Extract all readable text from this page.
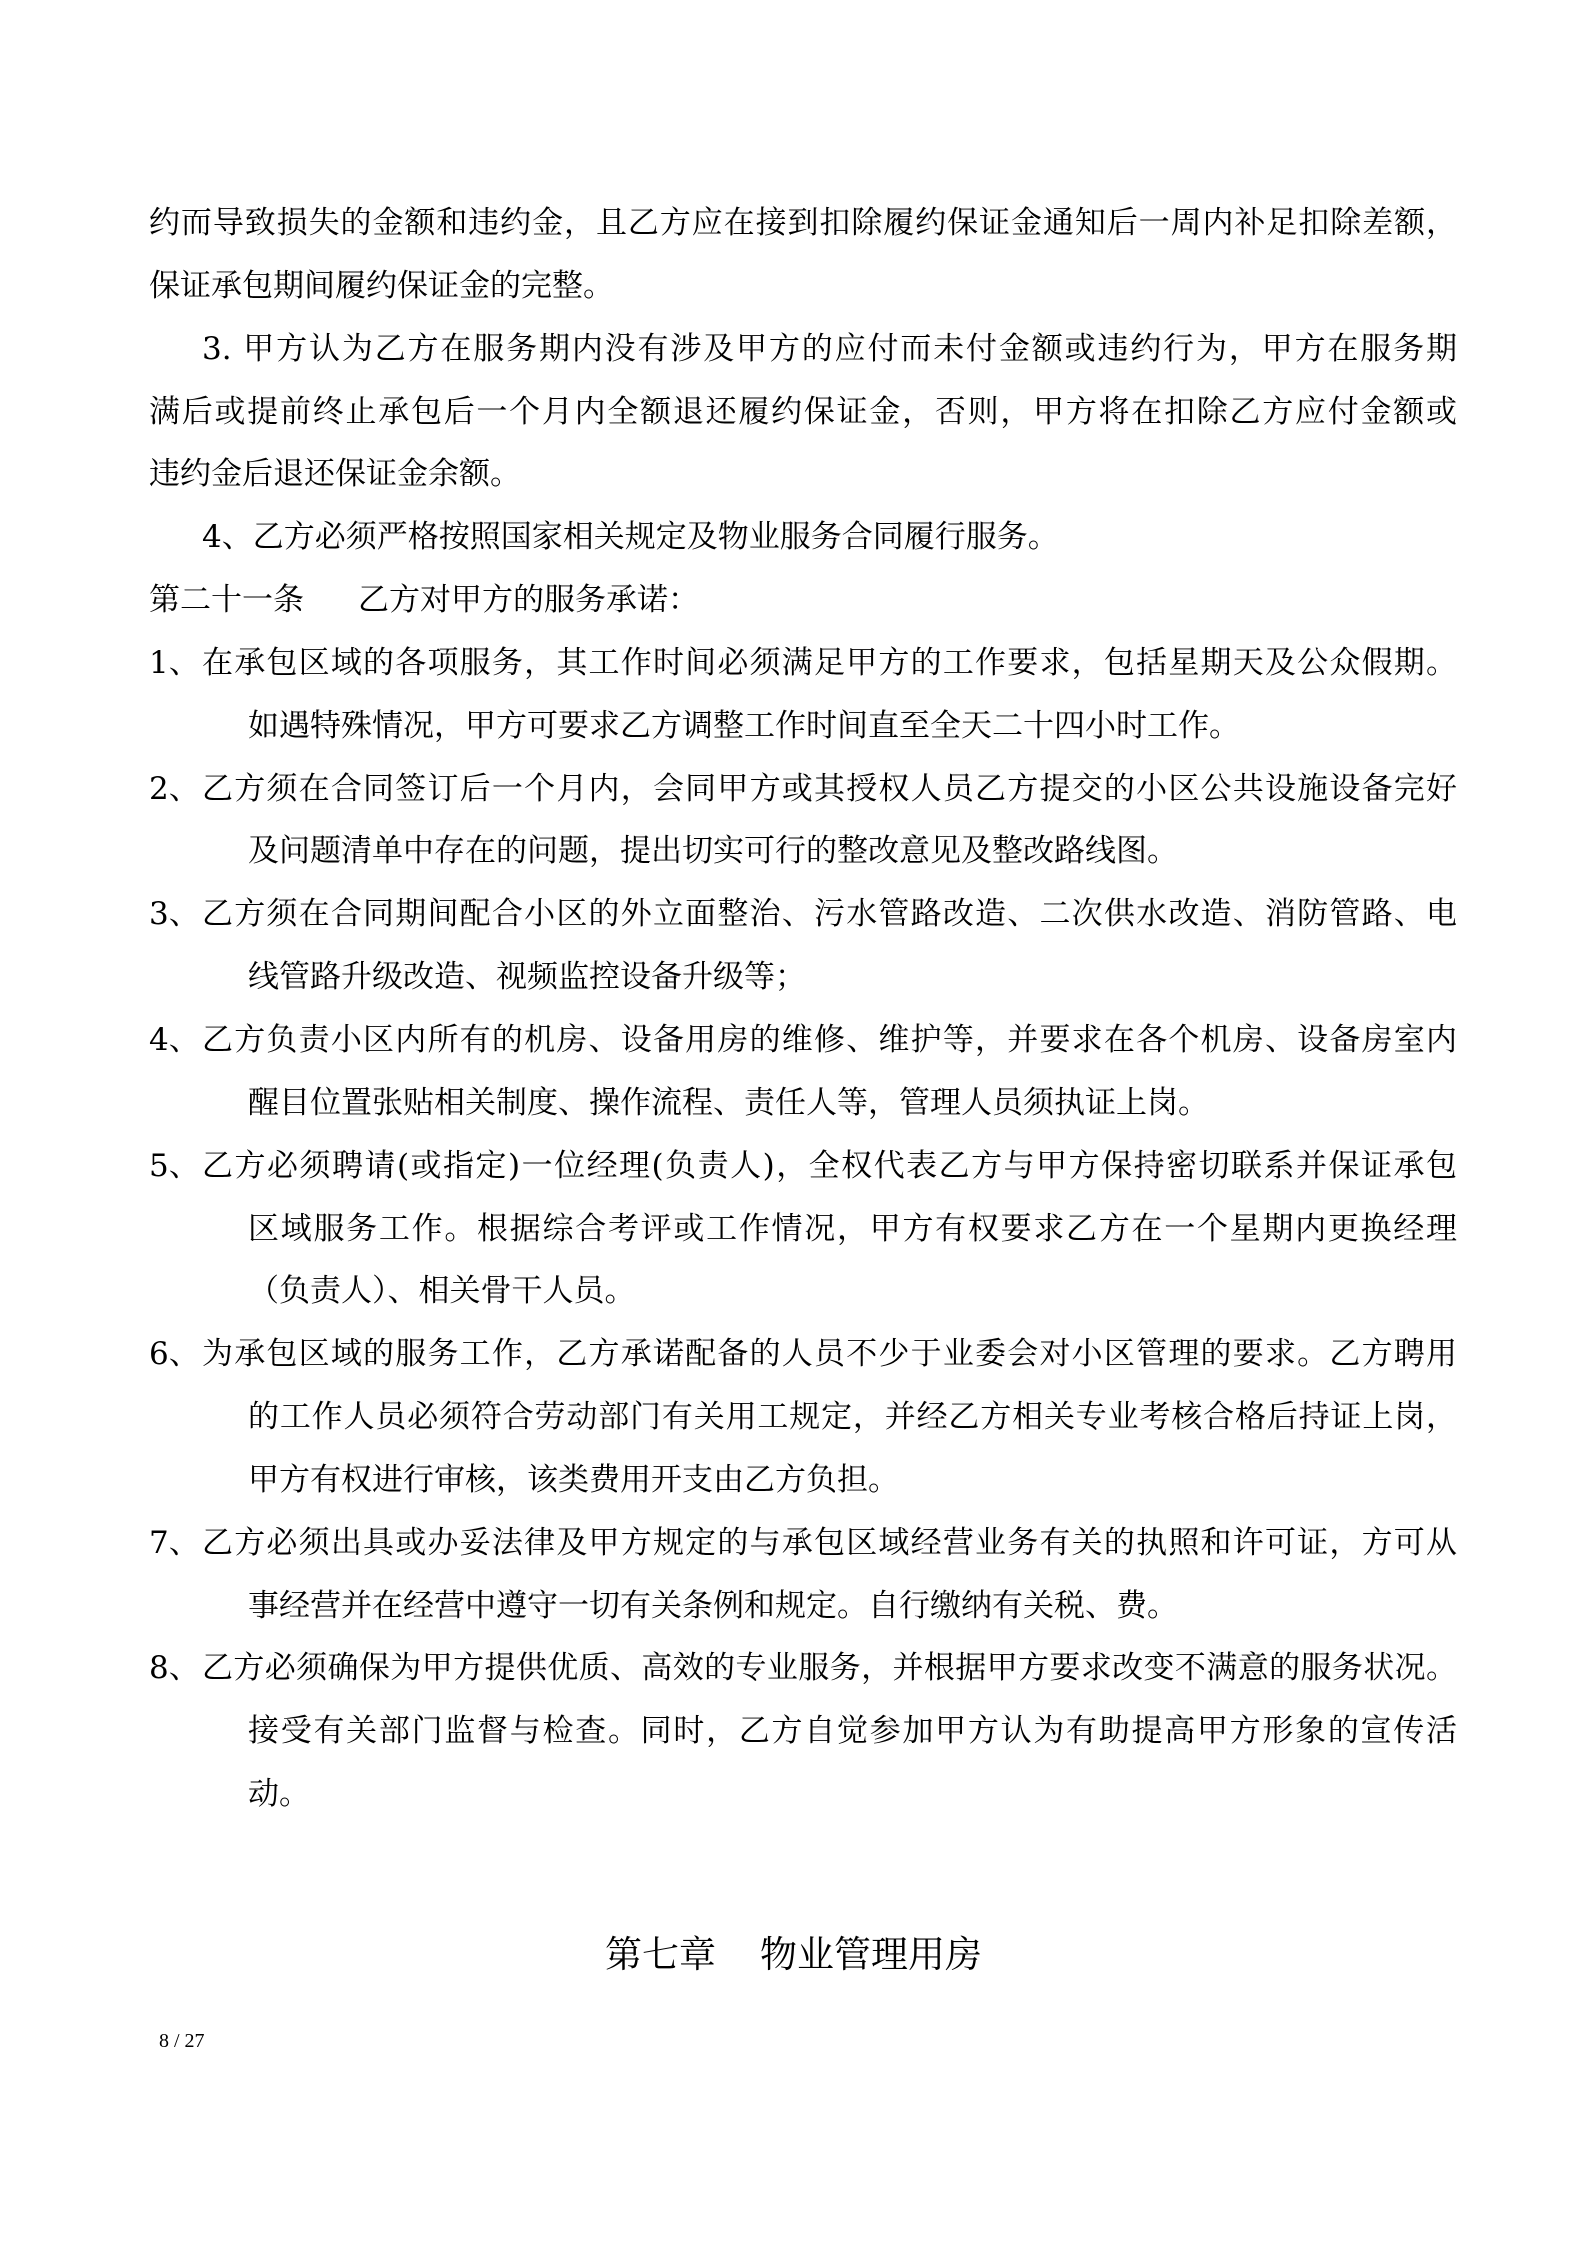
约而导致损失的金额和违约金，且乙方应在接到扣除履约保证金通知后一周内补足扣除差额，
保证承包期间履约保证金的完整。
3. 甲方认为乙方在服务期内没有涉及甲方的应付而未付金额或违约行为，甲方在服务期
满后或提前终止承包后一个月内全额退还履约保证金，否则，甲方将在扣除乙方应付金额或
违约金后退还保证金余额。
4、乙方必须严格按照国家相关规定及物业服务合同履行服务。
第二十一条 乙方对甲方的服务承诺：
1、 在承包区域的各项服务，其工作时间必须满足甲方的工作要求，包括星期天及公众假期。
如遇特殊情况，甲方可要求乙方调整工作时间直至全天二十四小时工作。
2、 乙方须在合同签订后一个月内，会同甲方或其授权人员乙方提交的小区公共设施设备完好
及问题清单中存在的问题，提出切实可行的整改意见及整改路线图。
3、 乙方须在合同期间配合小区的外立面整治、污水管路改造、二次供水改造、消防管路、电
线管路升级改造、视频监控设备升级等；
4、 乙方负责小区内所有的机房、设备用房的维修、维护等，并要求在各个机房、设备房室内
醒目位置张贴相关制度、操作流程、责任人等，管理人员须执证上岗。
5、 乙方必须聘请(或指定)一位经理(负责人)，全权代表乙方与甲方保持密切联系并保证承包
区域服务工作。根据综合考评或工作情况，甲方有权要求乙方在一个星期内更换经理
（负责人）、相关骨干人员。
6、 为承包区域的服务工作，乙方承诺配备的人员不少于业委会对小区管理的要求。乙方聘用
的工作人员必须符合劳动部门有关用工规定，并经乙方相关专业考核合格后持证上岗，
甲方有权进行审核，该类费用开支由乙方负担。
7、 乙方必须出具或办妥法律及甲方规定的与承包区域经营业务有关的执照和许可证，方可从
事经营并在经营中遵守一切有关条例和规定。自行缴纳有关税、费。
8、 乙方必须确保为甲方提供优质、高效的专业服务，并根据甲方要求改变不满意的服务状况。
接受有关部门监督与检查。同时，乙方自觉参加甲方认为有助提高甲方形象的宣传活
动。
第七章 物业管理用房
8 / 27
